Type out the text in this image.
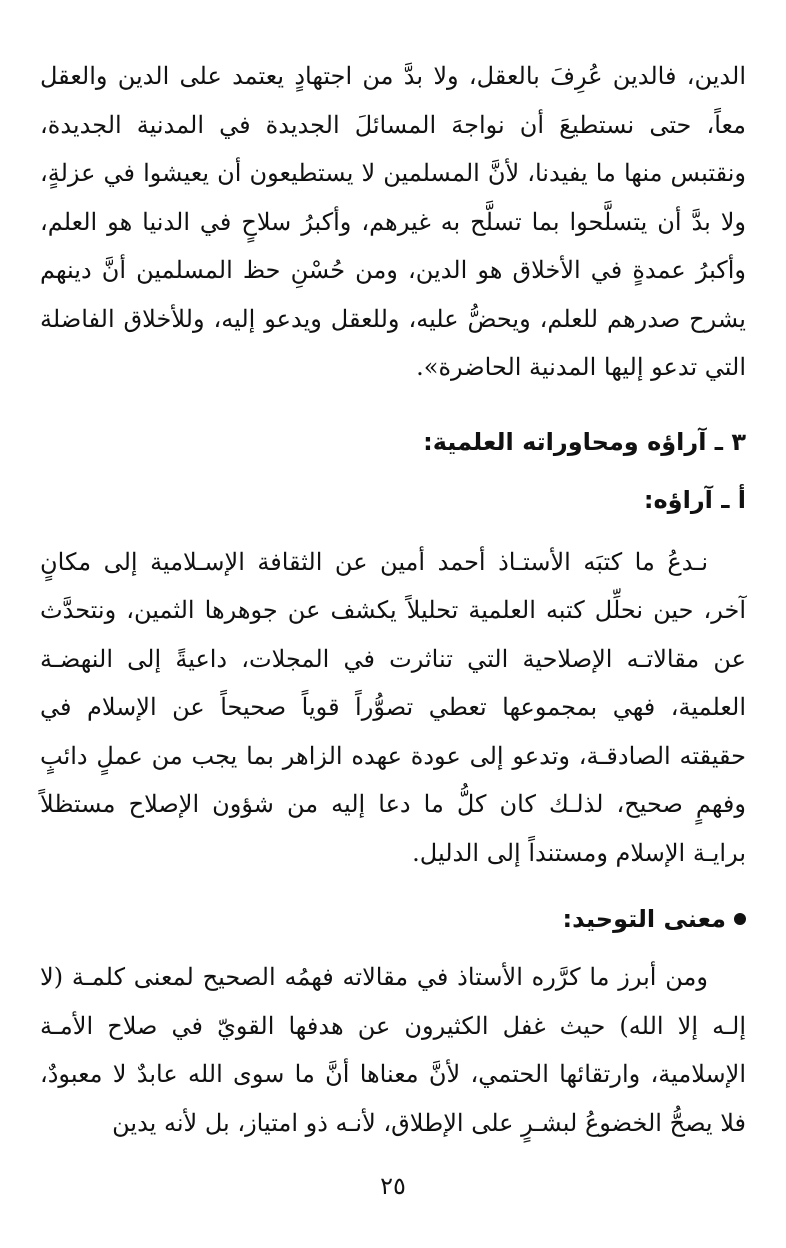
الدين، فالدين عُرِفَ بالعقل، ولا بدَّ من اجتهادٍ يعتمد على الدين والعقل معاً، حتى نستطيعَ أن نواجهَ المسائلَ الجديدة في المدنية الجديدة، ونقتبس منها ما يفيدنا، لأنَّ المسلمين لا يستطيعون أن يعيشوا في عزلةٍ، ولا بدَّ أن يتسلَّحوا بما تسلَّح به غيرهم، وأكبرُ سلاحٍ في الدنيا هو العلم، وأكبرُ عمدةٍ في الأخلاق هو الدين، ومن حُسْنِ حظ المسلمين أنَّ دينهم يشرح صدرهم للعلم، ويحضُّ عليه، وللعقل ويدعو إليه، وللأخلاق الفاضلة التي تدعو إليها المدنية الحاضرة».

٣ ـ آراؤه ومحاوراته العلمية:
أ ـ آراؤه:

نـدعُ ما كتبَه الأستـاذ أحمد أمين عن الثقافة الإسـلامية إلى مكانٍ آخر، حين نحلِّل كتبه العلمية تحليلاً يكشف عن جوهرها الثمين، ونتحدَّث عن مقالاتـه الإصلاحية التي تناثرت في المجلات، داعيةً إلى النهضـة العلمية، فهي بمجموعها تعطي تصوُّراً قوياً صحيحاً عن الإسلام في حقيقته الصادقـة، وتدعو إلى عودة عهده الزاهر بما يجب من عملٍ دائبٍ وفهمٍ صحيح، لذلـك كان كلُّ ما دعا إليه من شؤون الإصلاح مستظلاً برايـة الإسلام ومستنداً إلى الدليل.

معنى التوحيد:

ومن أبرز ما كرَّره الأستاذ في مقالاته فهمُه الصحيح لمعنى كلمـة (لا إلـه إلا الله) حيث غفل الكثيرون عن هدفها القويّ في صلاح الأمـة الإسلامية، وارتقائها الحتمي، لأنَّ معناها أنَّ ما سوى الله عابدٌ لا معبودٌ، فلا يصحُّ الخضوعُ لبشـرٍ على الإطلاق، لأنـه ذو امتياز، بل لأنه يدين

٢٥
